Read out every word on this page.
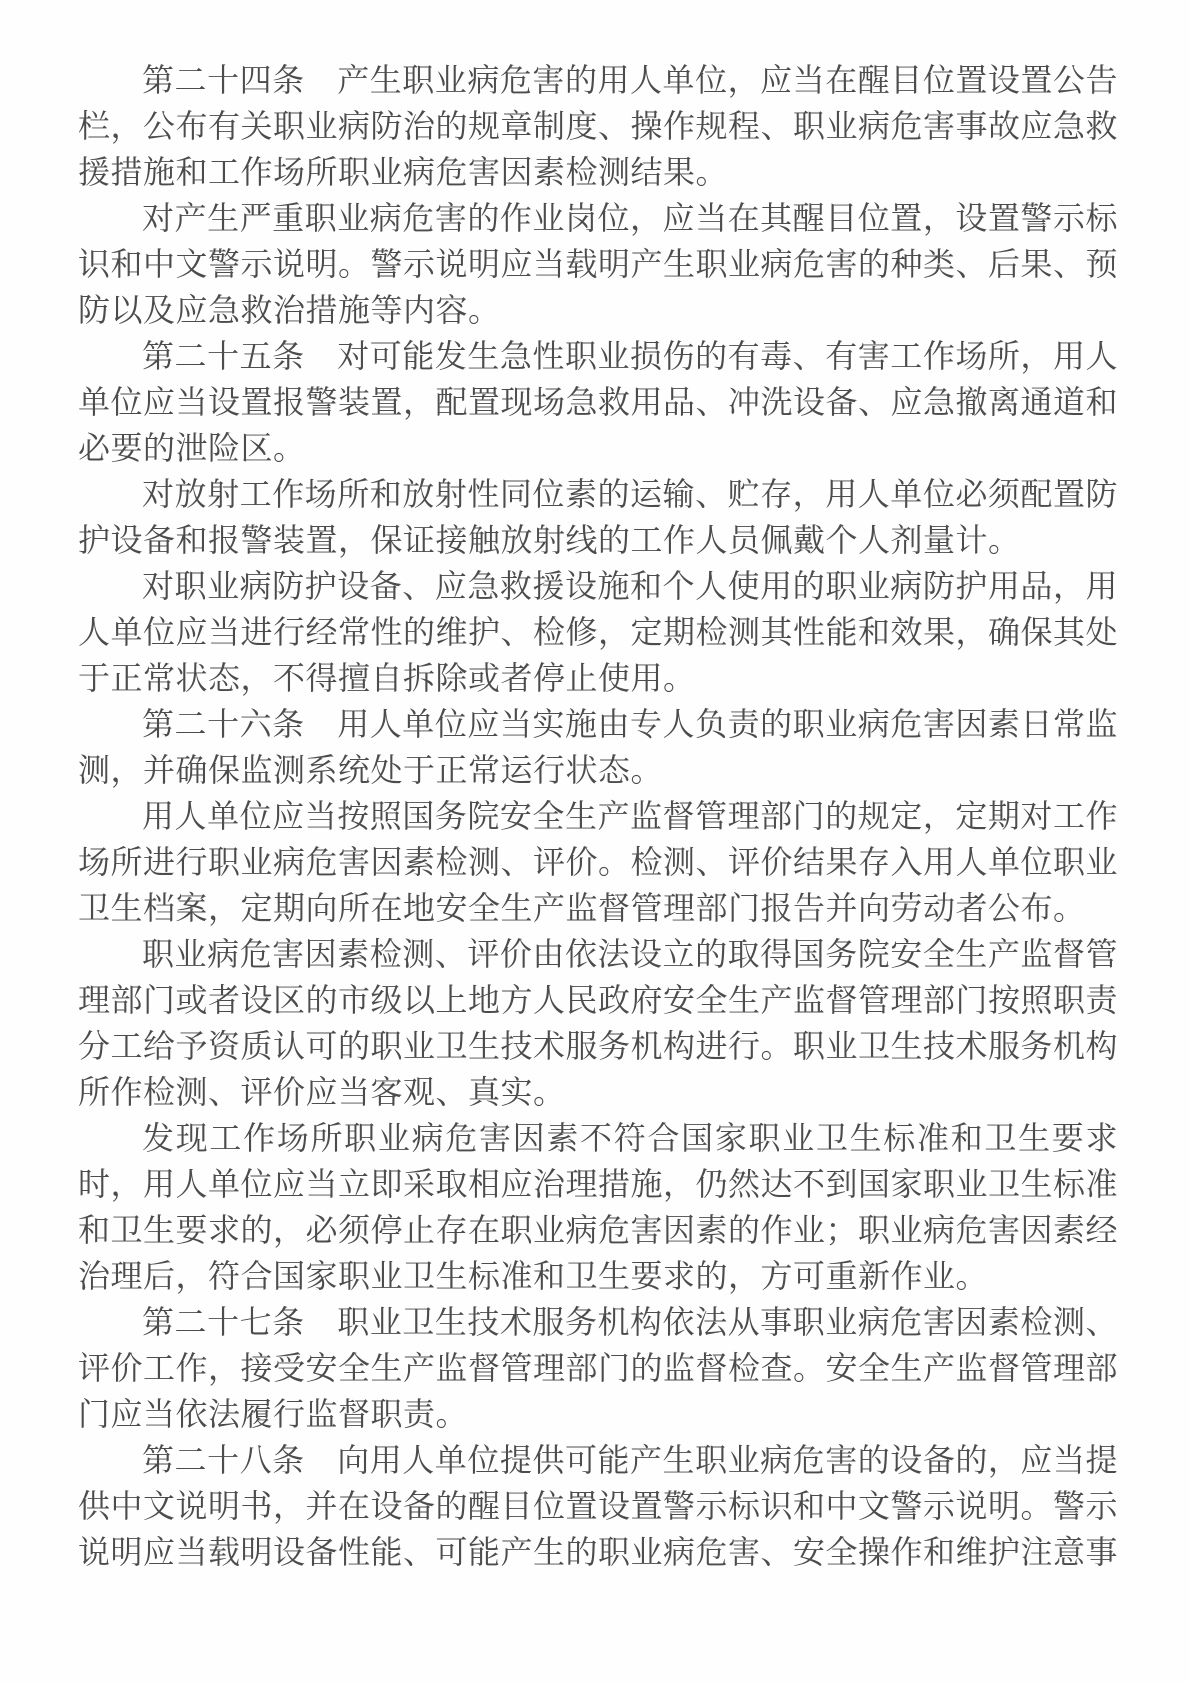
第二十四条　产生职业病危害的用人单位，应当在醒目位置设置公告栏，公布有关职业病防治的规章制度、操作规程、职业病危害事故应急救援措施和工作场所职业病危害因素检测结果。

对产生严重职业病危害的作业岗位，应当在其醒目位置，设置警示标识和中文警示说明。警示说明应当载明产生职业病危害的种类、后果、预防以及应急救治措施等内容。

第二十五条　对可能发生急性职业损伤的有毒、有害工作场所，用人单位应当设置报警装置，配置现场急救用品、冲洗设备、应急撤离通道和必要的泄险区。

对放射工作场所和放射性同位素的运输、贮存，用人单位必须配置防护设备和报警装置，保证接触放射线的工作人员佩戴个人剂量计。

对职业病防护设备、应急救援设施和个人使用的职业病防护用品，用人单位应当进行经常性的维护、检修，定期检测其性能和效果，确保其处于正常状态，不得擅自拆除或者停止使用。

第二十六条　用人单位应当实施由专人负责的职业病危害因素日常监测，并确保监测系统处于正常运行状态。

用人单位应当按照国务院安全生产监督管理部门的规定，定期对工作场所进行职业病危害因素检测、评价。检测、评价结果存入用人单位职业卫生档案，定期向所在地安全生产监督管理部门报告并向劳动者公布。

职业病危害因素检测、评价由依法设立的取得国务院安全生产监督管理部门或者设区的市级以上地方人民政府安全生产监督管理部门按照职责分工给予资质认可的职业卫生技术服务机构进行。职业卫生技术服务机构所作检测、评价应当客观、真实。

发现工作场所职业病危害因素不符合国家职业卫生标准和卫生要求时，用人单位应当立即采取相应治理措施，仍然达不到国家职业卫生标准和卫生要求的，必须停止存在职业病危害因素的作业；职业病危害因素经治理后，符合国家职业卫生标准和卫生要求的，方可重新作业。

第二十七条　职业卫生技术服务机构依法从事职业病危害因素检测、评价工作，接受安全生产监督管理部门的监督检查。安全生产监督管理部门应当依法履行监督职责。

第二十八条　向用人单位提供可能产生职业病危害的设备的，应当提供中文说明书，并在设备的醒目位置设置警示标识和中文警示说明。警示说明应当载明设备性能、可能产生的职业病危害、安全操作和维护注意事
